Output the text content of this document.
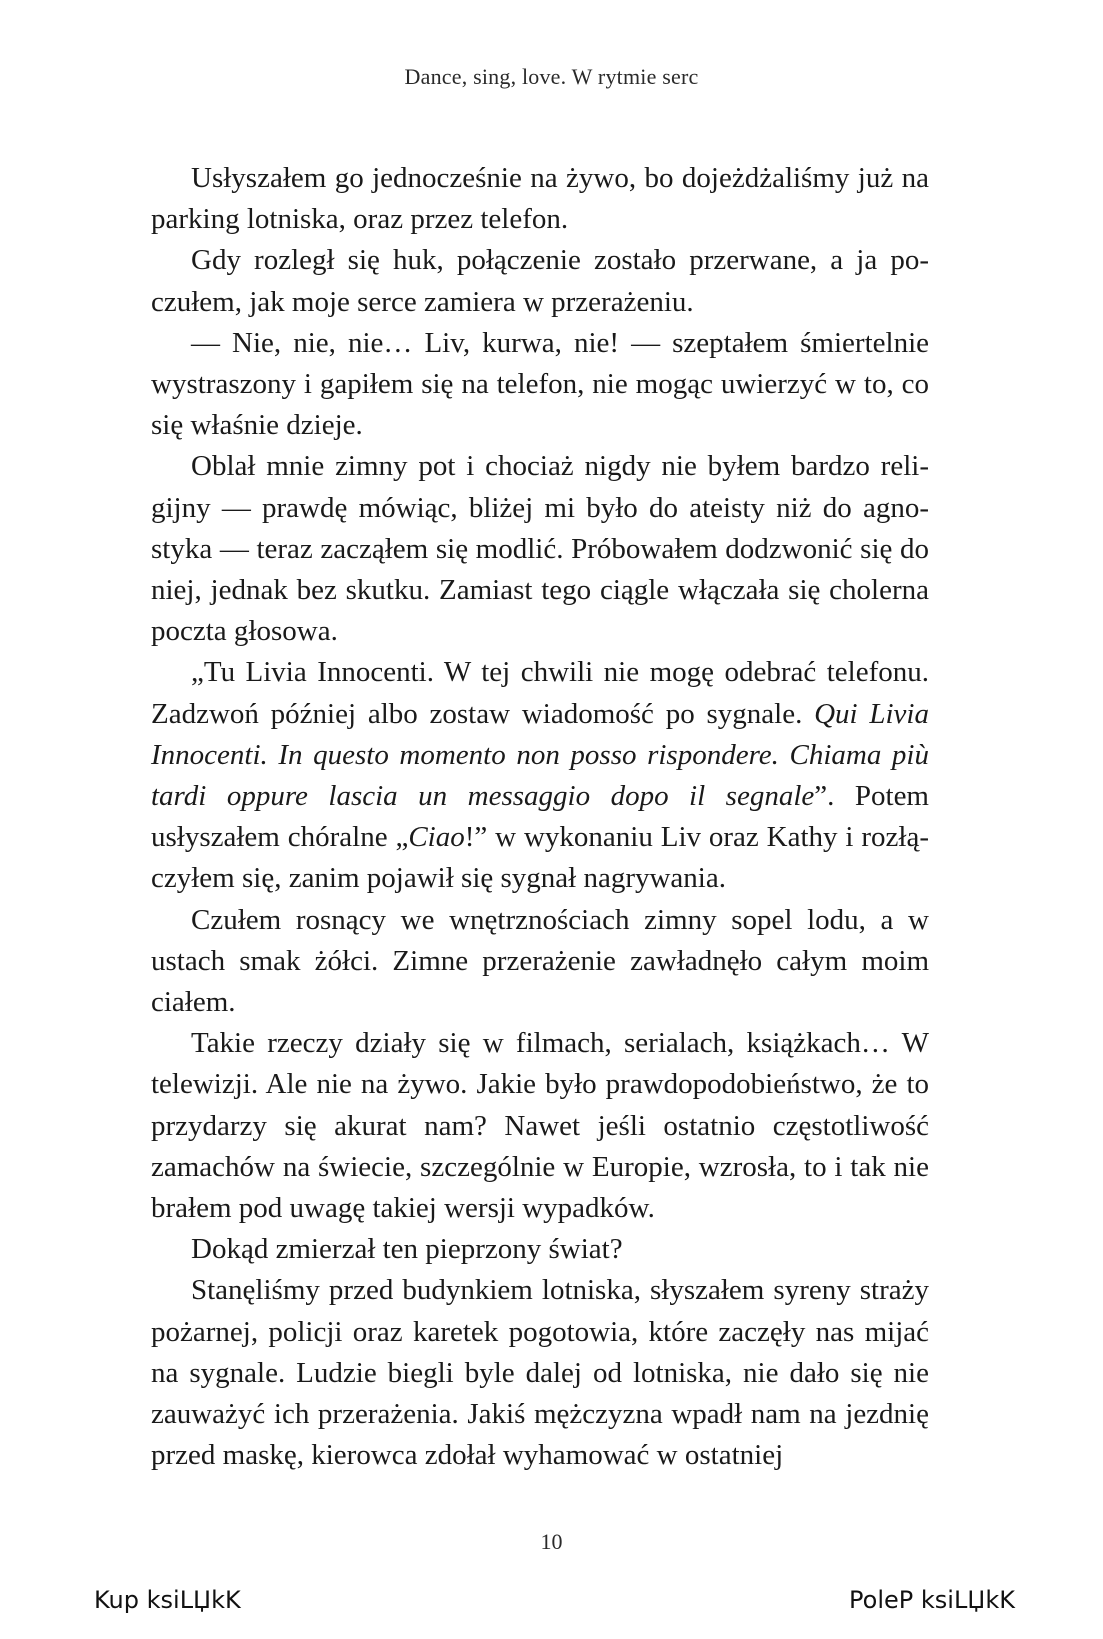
Dance, sing, love. W rytmie serc

Usłyszałem go jednocześnie na żywo, bo dojeżdżaliśmy już na parking lotniska, oraz przez telefon.

Gdy rozległ się huk, połączenie zostało przerwane, a ja poczułem, jak moje serce zamiera w przerażeniu.

— Nie, nie, nie… Liv, kurwa, nie! — szeptałem śmiertelnie wystraszony i gapiłem się na telefon, nie mogąc uwierzyć w to, co się właśnie dzieje.

Oblał mnie zimny pot i chociaż nigdy nie byłem bardzo religijny — prawdę mówiąc, bliżej mi było do ateisty niż do agnostyka — teraz zacząłem się modlić. Próbowałem dodzwonić się do niej, jednak bez skutku. Zamiast tego ciągle włączała się cholerna poczta głosowa.

„Tu Livia Innocenti. W tej chwili nie mogę odebrać telefonu. Zadzwoń później albo zostaw wiadomość po sygnale. Qui Livia Innocenti. In questo momento non posso rispondere. Chiama più tardi oppure lascia un messaggio dopo il segnale”. Potem usłyszałem chóralne „Ciao!” w wykonaniu Liv oraz Kathy i rozłączyłem się, zanim pojawił się sygnał nagrywania.

Czułem rosnący we wnętrznościach zimny sopel lodu, a w ustach smak żółci. Zimne przerażenie zawładnęło całym moim ciałem.

Takie rzeczy działy się w filmach, serialach, książkach… W telewizji. Ale nie na żywo. Jakie było prawdopodobieństwo, że to przydarzy się akurat nam? Nawet jeśli ostatnio częstotliwość zamachów na świecie, szczególnie w Europie, wzrosła, to i tak nie brałem pod uwagę takiej wersji wypadków.

Dokąd zmierzał ten pieprzony świat?

Stanęliśmy przed budynkiem lotniska, słyszałem syreny straży pożarnej, policji oraz karetek pogotowia, które zaczęły nas mijać na sygnale. Ludzie biegli byle dalej od lotniska, nie dało się nie zauważyć ich przerażenia. Jakiś mężczyzna wpadł nam na jezdnię przed maskę, kierowca zdołał wyhamować w ostatniej

10
Kup ksiLЏkK	PoleP ksiLЏkK
